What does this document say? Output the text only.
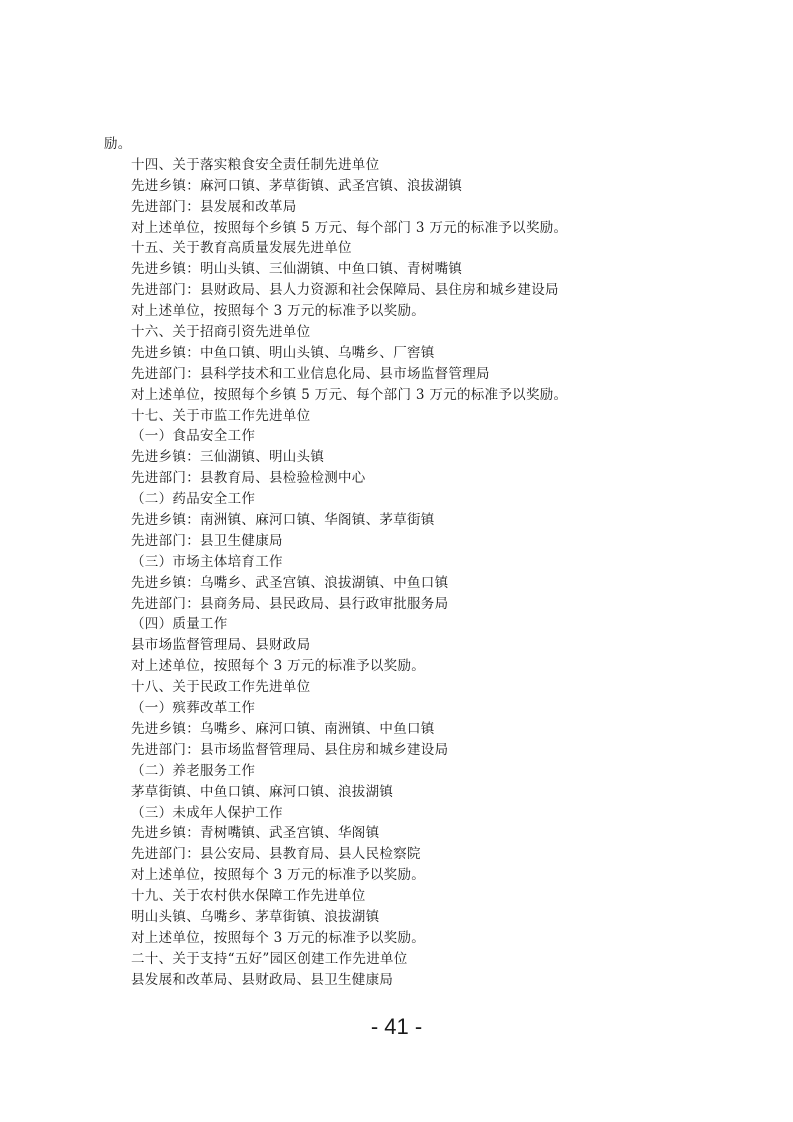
励。
十四、关于落实粮食安全责任制先进单位
先进乡镇：麻河口镇、茅草街镇、武圣宫镇、浪拔湖镇
先进部门：县发展和改革局
对上述单位，按照每个乡镇 5 万元、每个部门 3 万元的标准予以奖励。
十五、关于教育高质量发展先进单位
先进乡镇：明山头镇、三仙湖镇、中鱼口镇、青树嘴镇
先进部门：县财政局、县人力资源和社会保障局、县住房和城乡建设局
对上述单位，按照每个 3 万元的标准予以奖励。
十六、关于招商引资先进单位
先进乡镇：中鱼口镇、明山头镇、乌嘴乡、厂窖镇
先进部门：县科学技术和工业信息化局、县市场监督管理局
对上述单位，按照每个乡镇 5 万元、每个部门 3 万元的标准予以奖励。
十七、关于市监工作先进单位
（一）食品安全工作
先进乡镇：三仙湖镇、明山头镇
先进部门：县教育局、县检验检测中心
（二）药品安全工作
先进乡镇：南洲镇、麻河口镇、华阁镇、茅草街镇
先进部门：县卫生健康局
（三）市场主体培育工作
先进乡镇：乌嘴乡、武圣宫镇、浪拔湖镇、中鱼口镇
先进部门：县商务局、县民政局、县行政审批服务局
（四）质量工作
县市场监督管理局、县财政局
对上述单位，按照每个 3 万元的标准予以奖励。
十八、关于民政工作先进单位
（一）殡葬改革工作
先进乡镇：乌嘴乡、麻河口镇、南洲镇、中鱼口镇
先进部门：县市场监督管理局、县住房和城乡建设局
（二）养老服务工作
茅草街镇、中鱼口镇、麻河口镇、浪拔湖镇
（三）未成年人保护工作
先进乡镇：青树嘴镇、武圣宫镇、华阁镇
先进部门：县公安局、县教育局、县人民检察院
对上述单位，按照每个 3 万元的标准予以奖励。
十九、关于农村供水保障工作先进单位
明山头镇、乌嘴乡、茅草街镇、浪拔湖镇
对上述单位，按照每个 3 万元的标准予以奖励。
二十、关于支持“五好”园区创建工作先进单位
县发展和改革局、县财政局、县卫生健康局
- 41 -
